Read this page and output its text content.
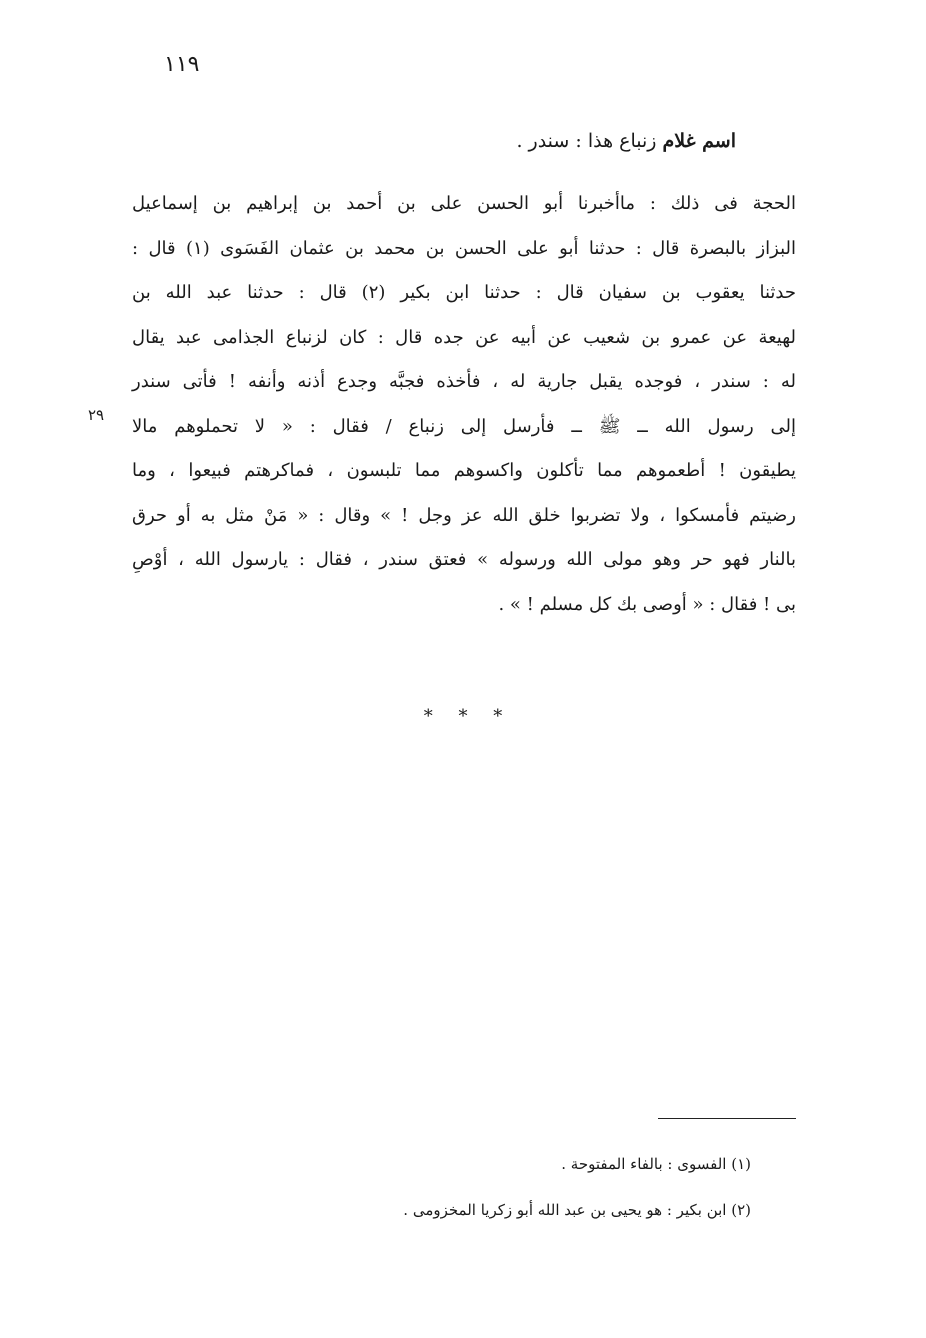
١١٩
اسم غلام زنباع هذا : سندر .
الحجة فى ذلك : ماأخبرنا أبو الحسن على بن أحمد بن إبراهيم بن إسماعيل
البزاز بالبصرة قال : حدثنا أبو على الحسن بن محمد بن عثمان الفَسَوى (١) قال :
حدثنا يعقوب بن سفيان قال : حدثنا ابن بكير (٢) قال : حدثنا عبد الله بن
لهيعة عن عمرو بن شعيب عن أبيه عن جده قال : كان لزنباع الجذامى عبد يقال
له : سندر ، فوجده يقبل جارية له ، فأخذه فجبَّه وجدع أذنه وأنفه ! فأتى سندر
إلى رسول الله ــ ﷺ ــ فأرسل إلى زنباع / فقال : « لا تحملوهم مالا
يطيقون ! أطعموهم مما تأكلون واكسوهم مما تلبسون ، فماكرهتم فبيعوا ، وما
رضيتم فأمسكوا ، ولا تضربوا خلق الله عز وجل ! » وقال : « مَنْ مثل به أو حرق
بالنار فهو حر وهو مولى الله ورسوله » فعتق سندر ، فقال : يارسول الله ، أوْصِ
بى ! فقال : « أوصى بك كل مسلم ! » .
٢٩
* * *
(١) الفسوى : بالفاء المفتوحة .
(٢) ابن بكير : هو يحيى بن عبد الله أبو زكريا المخزومى .
